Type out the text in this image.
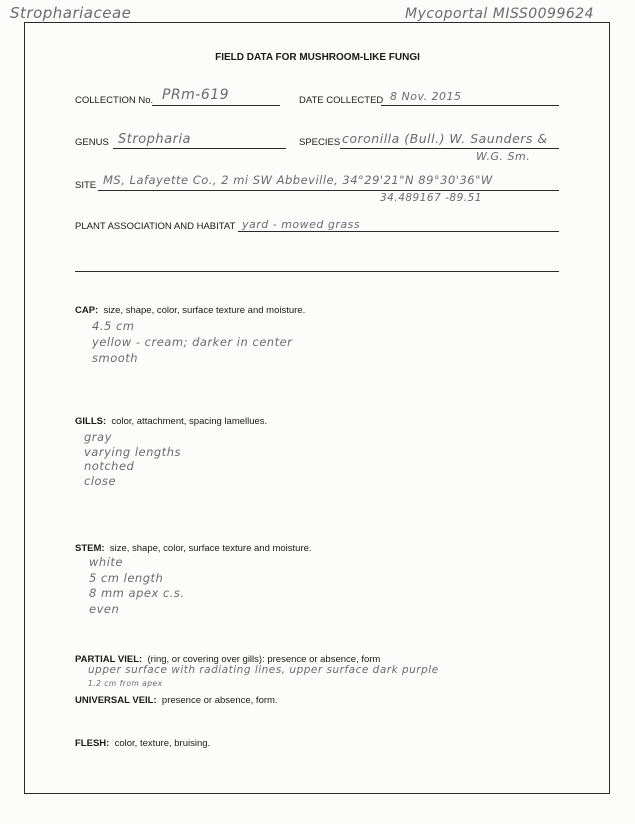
Strophariaceae	Mycoportal MISS0099624
FIELD DATA FOR MUSHROOM-LIKE FUNGI
COLLECTION No. PRm-619	DATE COLLECTED 8 Nov. 2015
GENUS Stropharia	SPECIES coronilla (Bull.) W. Saunders &
W.G. Sm.
SITE MS, Lafayette Co., 2 mi SW Abbeville, 34°29'21"N 89°30'36"W
34.489167 -89.51
PLANT ASSOCIATION AND HABITAT yard - mowed grass
CAP: size, shape, color, surface texture and moisture.
4.5 cm
yellow - cream; darker in center
smooth
GILLS: color, attachment, spacing lamellues.
gray
varying lengths
notched
close
STEM: size, shape, color, surface texture and moisture.
white
5 cm length
8 mm apex c.s.
even
PARTIAL VIEL: (ring, or covering over gills): presence or absence, form
upper surface with radiating lines, upper surface dark purple
1.2 cm from apex
UNIVERSAL VEIL: presence or absence, form.
FLESH: color, texture, bruising.
